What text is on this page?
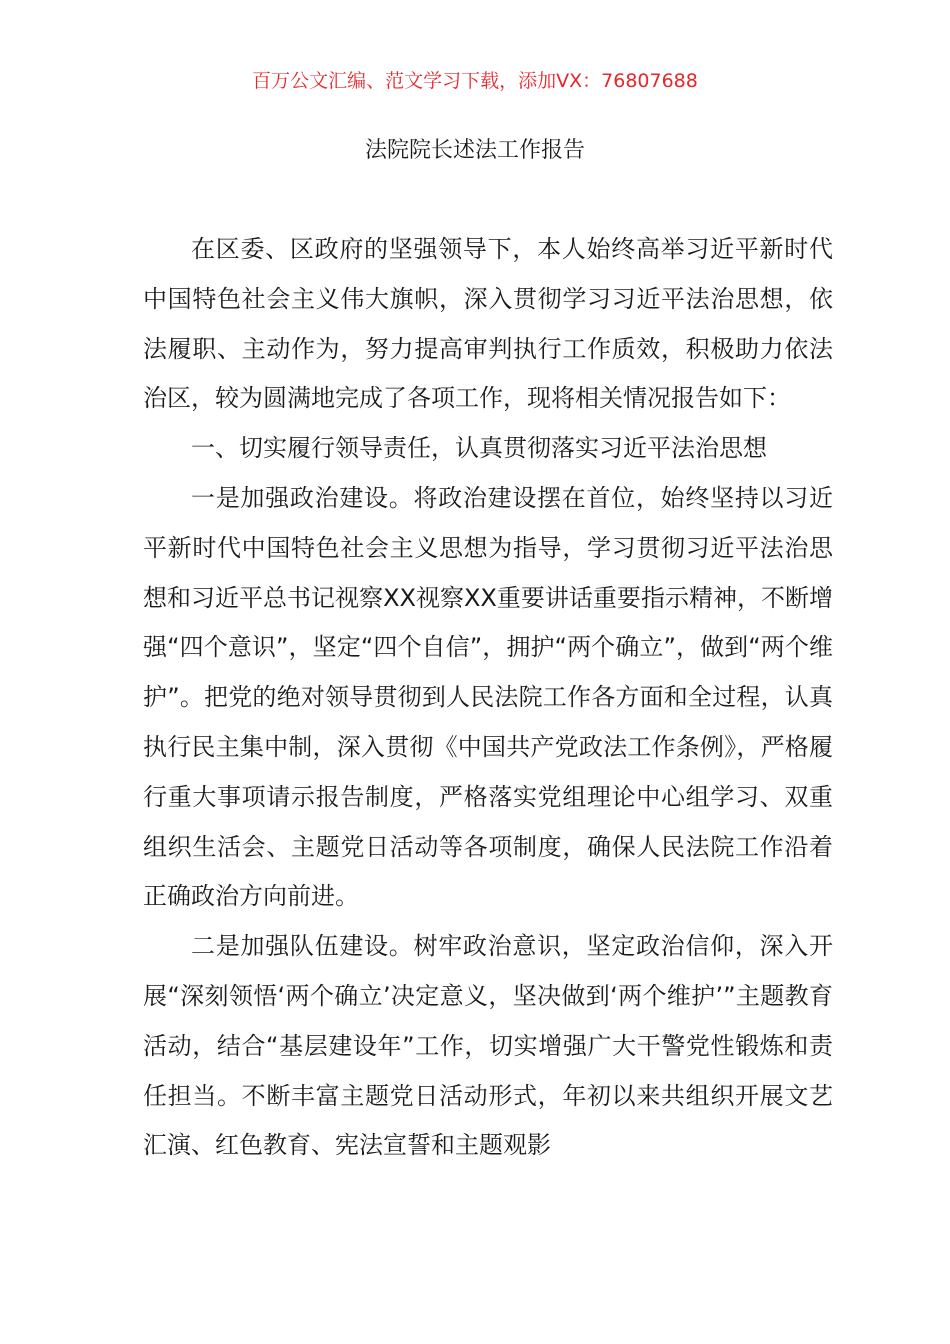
百万公文汇编、范文学习下载，添加VX：76807688
法院院长述法工作报告

在区委、区政府的坚强领导下，本人始终高举习近平新时代中国特色社会主义伟大旗帜，深入贯彻学习习近平法治思想，依法履职、主动作为，努力提高审判执行工作质效，积极助力依法治区，较为圆满地完成了各项工作，现将相关情况报告如下：

一、切实履行领导责任，认真贯彻落实习近平法治思想

一是加强政治建设。将政治建设摆在首位，始终坚持以习近平新时代中国特色社会主义思想为指导，学习贯彻习近平法治思想和习近平总书记视察XX视察XX重要讲话重要指示精神，不断增强“四个意识”，坚定“四个自信”，拥护“两个确立”，做到“两个维护”。把党的绝对领导贯彻到人民法院工作各方面和全过程，认真执行民主集中制，深入贯彻《中国共产党政法工作条例》，严格履行重大事项请示报告制度，严格落实党组理论中心组学习、双重组织生活会、主题党日活动等各项制度，确保人民法院工作沿着正确政治方向前进。

二是加强队伍建设。树牢政治意识，坚定政治信仰，深入开展“深刻领悟‘两个确立’决定意义，坚决做到‘两个维护’”主题教育活动，结合“基层建设年”工作，切实增强广大干警党性锻炼和责任担当。不断丰富主题党日活动形式，年初以来共组织开展文艺汇演、红色教育、宪法宣誓和主题观影
